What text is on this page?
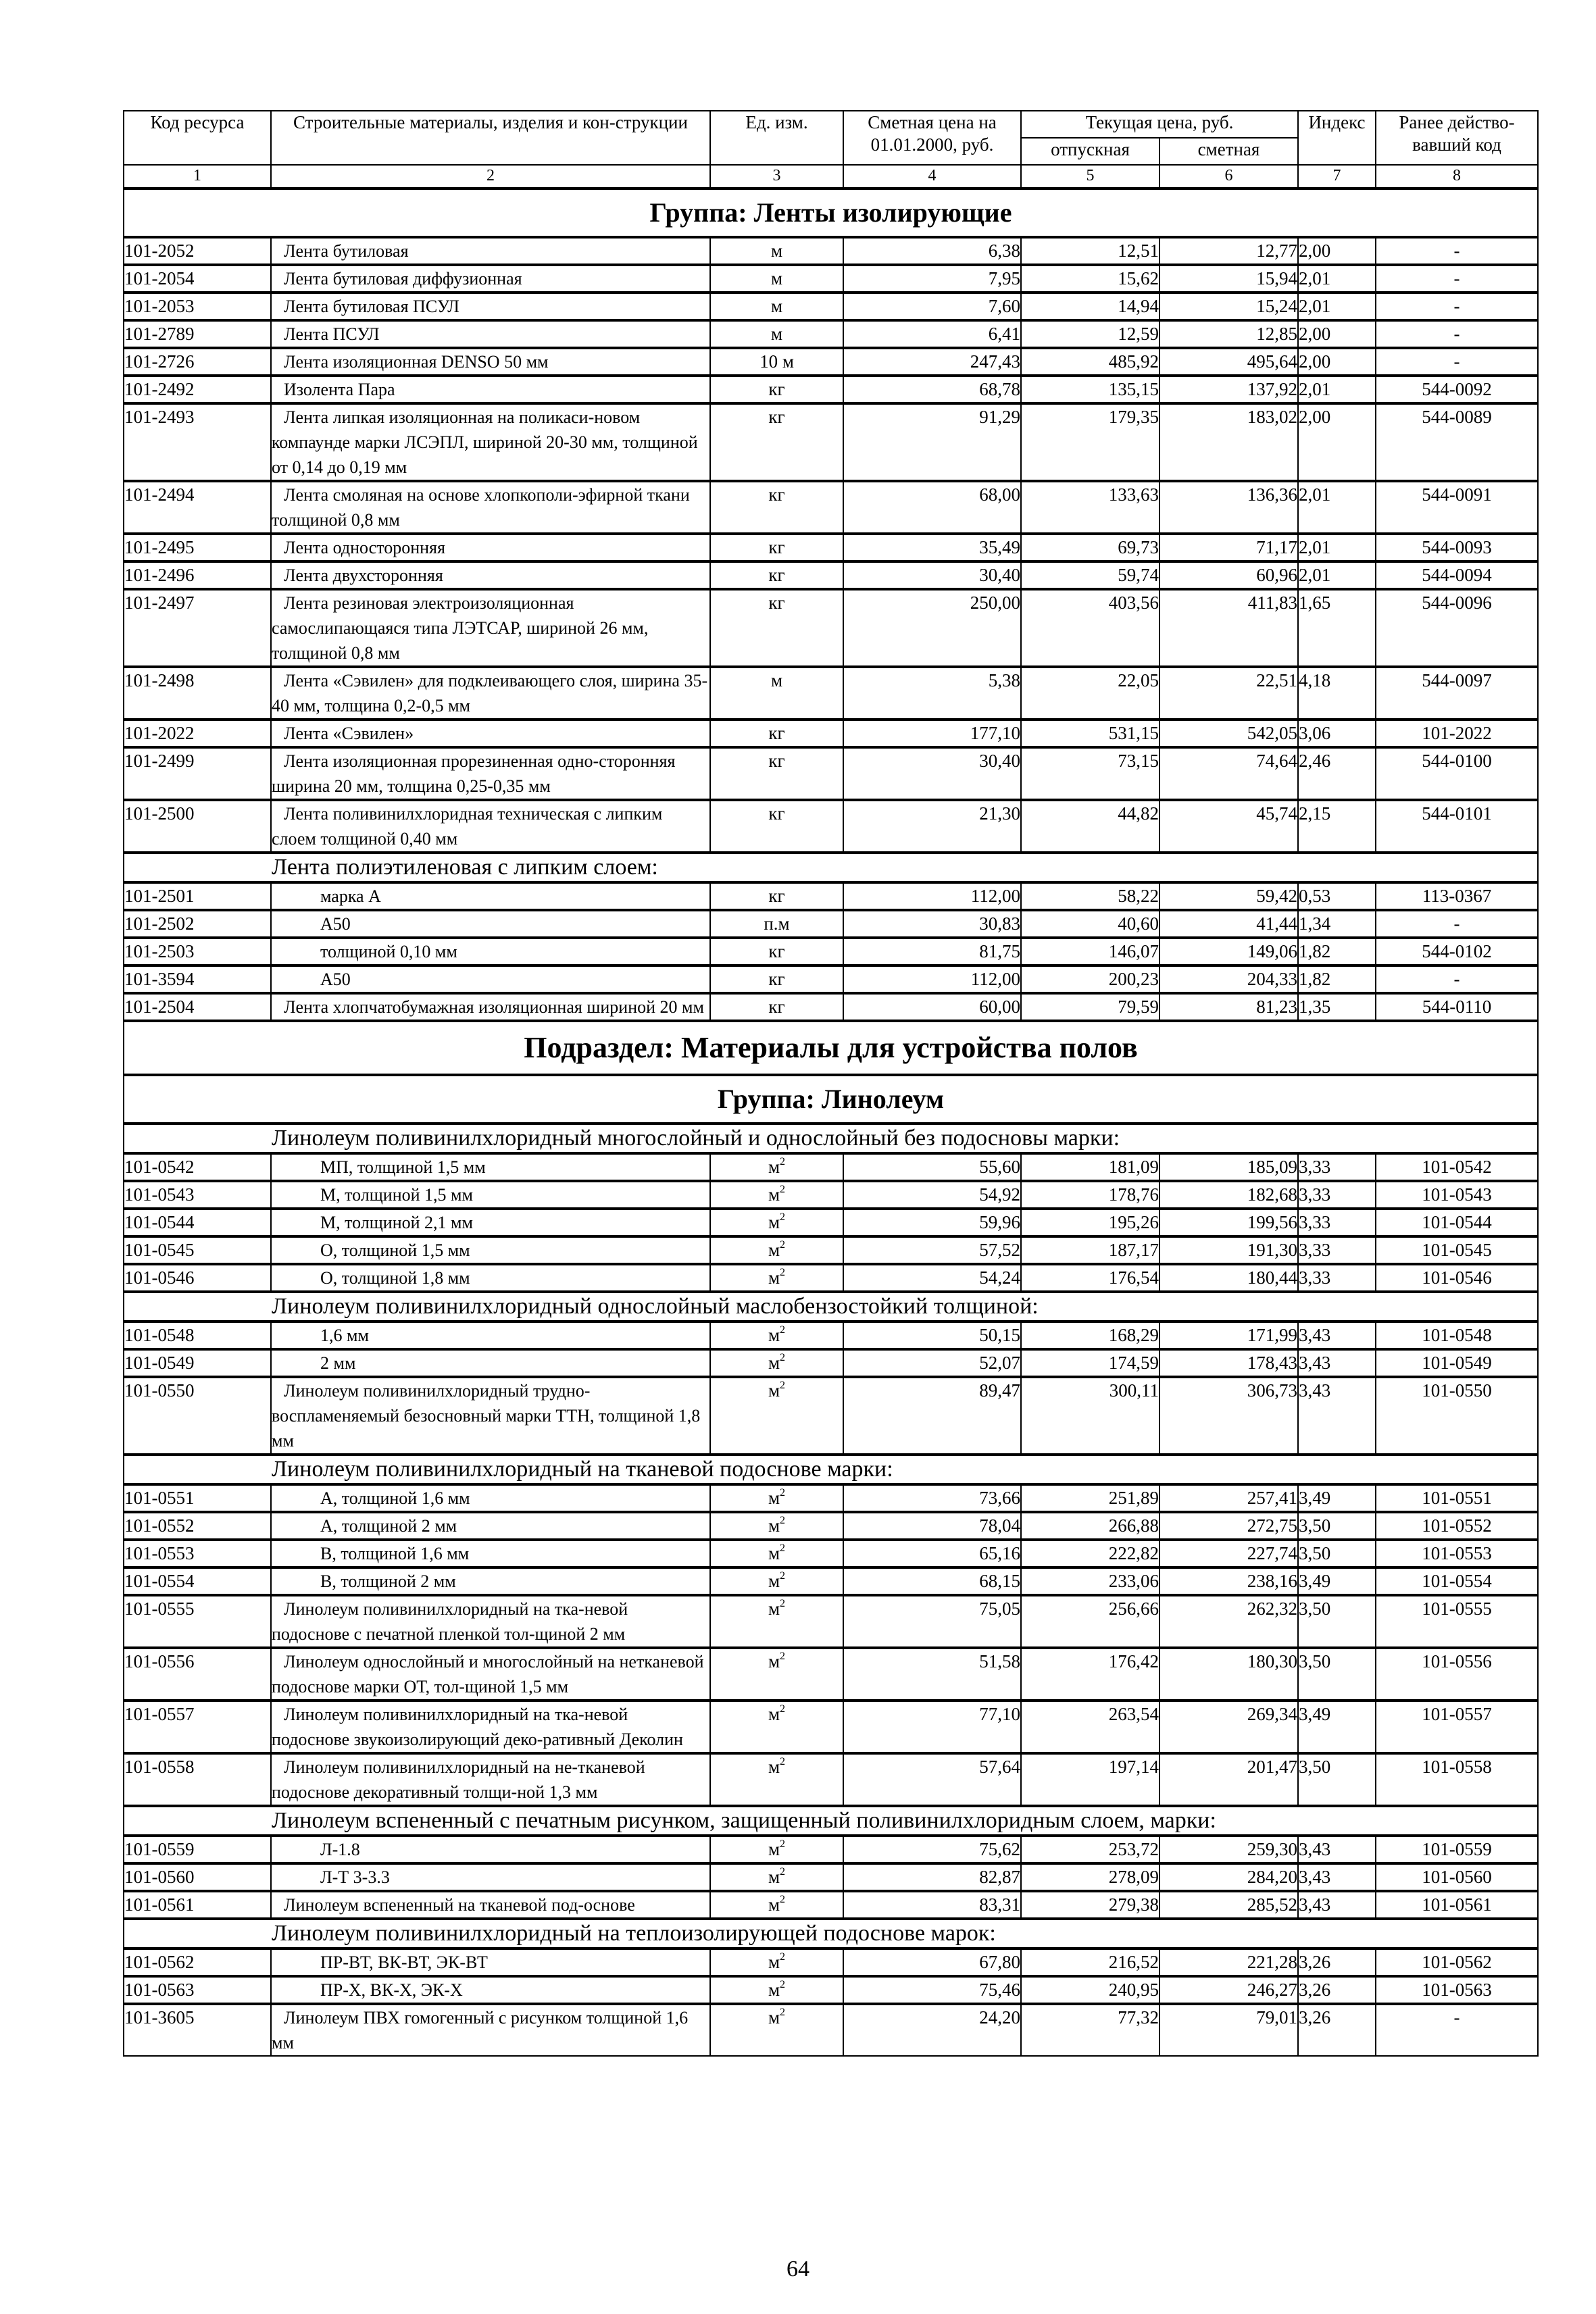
Код ресурса	Строительные материалы, изделия и кон-струкции	Ед. изм.	Сметная цена на 01.01.2000, руб.	Текущая цена, руб.		Индекс	Ранее действо-вавший код
				отпускная	сметная		
1	2	3	4	5	6	7	8
Группа: Ленты изолирующие							
101-2052	Лента бутиловая	м	6,38	12,51	12,77	2,00	-
101-2054	Лента бутиловая диффузионная	м	7,95	15,62	15,94	2,01	-
101-2053	Лента бутиловая ПСУЛ	м	7,60	14,94	15,24	2,01	-
101-2789	Лента ПСУЛ	м	6,41	12,59	12,85	2,00	-
101-2726	Лента изоляционная DENSO 50 мм	10 м	247,43	485,92	495,64	2,00	-
101-2492	Изолента Пара	кг	68,78	135,15	137,92	2,01	544-0092
101-2493	Лента липкая изоляционная на поликаси-новом компаунде марки ЛСЭПЛ, шириной 20-30 мм, толщиной от 0,14 до 0,19 мм	кг	91,29	179,35	183,02	2,00	544-0089
101-2494	Лента смоляная на основе хлопкополи-эфирной ткани толщиной 0,8 мм	кг	68,00	133,63	136,36	2,01	544-0091
101-2495	Лента односторонняя	кг	35,49	69,73	71,17	2,01	544-0093
101-2496	Лента двухсторонняя	кг	30,40	59,74	60,96	2,01	544-0094
101-2497	Лента резиновая электроизоляционная самослипающаяся типа ЛЭТСАР, шириной 26 мм, толщиной 0,8 мм	кг	250,00	403,56	411,83	1,65	544-0096
101-2498	Лента «Сэвилен» для подклеивающего слоя, ширина 35-40 мм, толщина 0,2-0,5 мм	м	5,38	22,05	22,51	4,18	544-0097
101-2022	Лента «Сэвилен»	кг	177,10	531,15	542,05	3,06	101-2022
101-2499	Лента изоляционная прорезиненная одно-сторонняя ширина 20 мм, толщина 0,25-0,35 мм	кг	30,40	73,15	74,64	2,46	544-0100
101-2500	Лента поливинилхлоридная техническая с липким слоем толщиной 0,40 мм	кг	21,30	44,82	45,74	2,15	544-0101
Лента полиэтиленовая с липким слоем:							
101-2501	марка А	кг	112,00	58,22	59,42	0,53	113-0367
101-2502	А50	п.м	30,83	40,60	41,44	1,34	-
101-2503	толщиной 0,10 мм	кг	81,75	146,07	149,06	1,82	544-0102
101-3594	А50	кг	112,00	200,23	204,33	1,82	-
101-2504	Лента хлопчатобумажная изоляционная шириной 20 мм	кг	60,00	79,59	81,23	1,35	544-0110
Подраздел: Материалы для устройства полов							
Группа: Линолеум							
Линолеум поливинилхлоридный многослойный и однослойный без подосновы марки:							
101-0542	МП, толщиной 1,5 мм	$м^2$	55,60	181,09	185,09	3,33	101-0542
101-0543	М, толщиной 1,5 мм	$м^2$	54,92	178,76	182,68	3,33	101-0543
101-0544	М, толщиной 2,1 мм	$м^2$	59,96	195,26	199,56	3,33	101-0544
101-0545	О, толщиной 1,5 мм	$м^2$	57,52	187,17	191,30	3,33	101-0545
101-0546	О, толщиной 1,8 мм	$м^2$	54,24	176,54	180,44	3,33	101-0546
Линолеум поливинилхлоридный однослойный маслобензостойкий толщиной:							
101-0548	1,6 мм	$м^2$	50,15	168,29	171,99	3,43	101-0548
101-0549	2 мм	$м^2$	52,07	174,59	178,43	3,43	101-0549
101-0550	Линолеум поливинилхлоридный трудно-воспламеняемый безосновный марки ТТН, толщиной 1,8 мм	$м^2$	89,47	300,11	306,73	3,43	101-0550
Линолеум поливинилхлоридный на тканевой подоснове марки:							
101-0551	А, толщиной 1,6 мм	$м^2$	73,66	251,89	257,41	3,49	101-0551
101-0552	А, толщиной 2 мм	$м^2$	78,04	266,88	272,75	3,50	101-0552
101-0553	В, толщиной 1,6 мм	$м^2$	65,16	222,82	227,74	3,50	101-0553
101-0554	В, толщиной 2 мм	$м^2$	68,15	233,06	238,16	3,49	101-0554
101-0555	Линолеум поливинилхлоридный на тка-невой подоснове с печатной пленкой тол-щиной 2 мм	$м^2$	75,05	256,66	262,32	3,50	101-0555
101-0556	Линолеум однослойный и многослойный на нетканевой подоснове марки ОТ, тол-щиной 1,5 мм	$м^2$	51,58	176,42	180,30	3,50	101-0556
101-0557	Линолеум поливинилхлоридный на тка-невой подоснове звукоизолирующий деко-ративный Деколин	$м^2$	77,10	263,54	269,34	3,49	101-0557
101-0558	Линолеум поливинилхлоридный на не-тканевой подоснове декоративный толщи-ной 1,3 мм	$м^2$	57,64	197,14	201,47	3,50	101-0558
Линолеум вспененный с печатным рисунком, защищенный поливинилхлоридным слоем, марки:							
101-0559	Л-1.8	$м^2$	75,62	253,72	259,30	3,43	101-0559
101-0560	Л-Т 3-3.3	$м^2$	82,87	278,09	284,20	3,43	101-0560
101-0561	Линолеум вспененный на тканевой под-основе	$м^2$	83,31	279,38	285,52	3,43	101-0561
Линолеум поливинилхлоридный на теплоизолирующей подоснове марок:							
101-0562	ПР-ВТ, ВК-ВТ, ЭК-ВТ	$м^2$	67,80	216,52	221,28	3,26	101-0562
101-0563	ПР-Х, ВК-Х, ЭК-Х	$м^2$	75,46	240,95	246,27	3,26	101-0563
101-3605	Линолеум ПВХ гомогенный с рисунком толщиной 1,6 мм	$м^2$	24,20	77,32	79,01	3,26	-
64
